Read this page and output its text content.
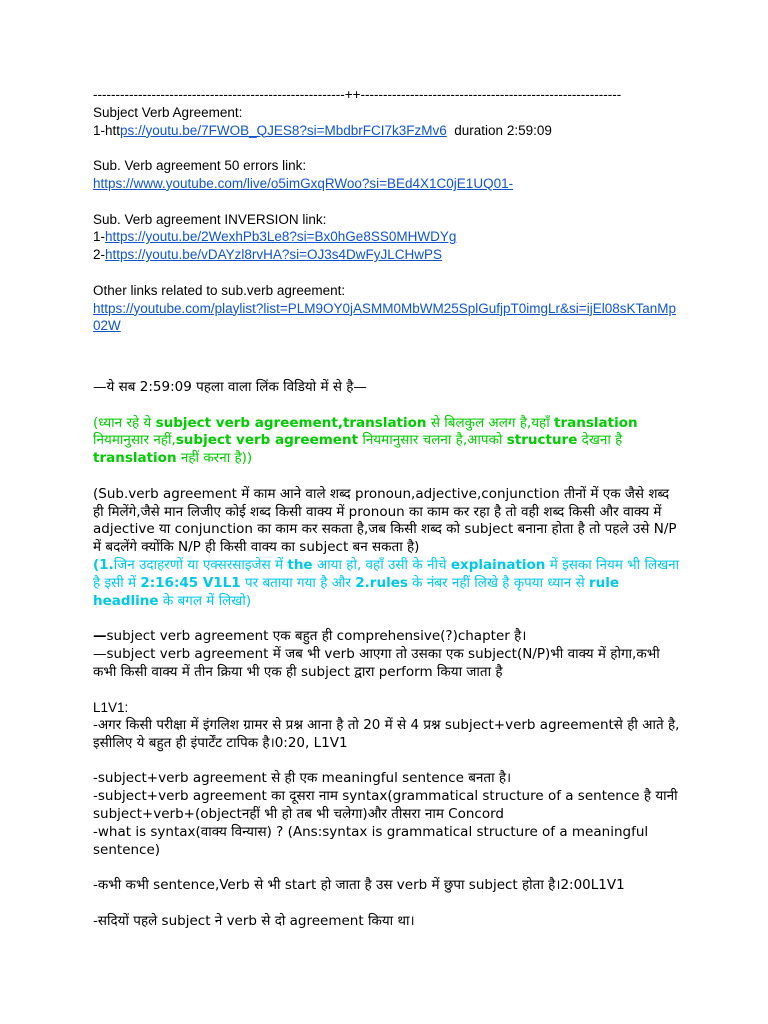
--------------------------------------------------------++----------------------------------------------------------
Subject Verb Agreement:
1-https://youtu.be/7FWOB_QJES8?si=MbdbrFCI7k3FzMv6 duration 2:59:09
Sub. Verb agreement 50 errors link:
https://www.youtube.com/live/o5imGxqRWoo?si=BEd4X1C0jE1UQ01-
Sub. Verb agreement INVERSION link:
1-https://youtu.be/2WexhPb3Le8?si=Bx0hGe8SS0MHWDYg
2-https://youtu.be/vDAYzl8rvHA?si=OJ3s4DwFyJLCHwPS
Other links related to sub.verb agreement:
https://youtube.com/playlist?list=PLM9OY0jASMM0MbWM25SplGufjpT0imgLr&si=ijEl08sKTanMp02W
—ये सब 2:59:09 पहला वाला लिंक विडियो में से है—
(ध्यान रहे ये subject verb agreement,translation से बिलकुल अलग है,यहाँ translation नियमानुसार नहीं,subject verb agreement नियमानुसार चलना है,आपको structure देखना है translation नहीं करना है))
(Sub.verb agreement में काम आने वाले शब्द pronoun,adjective,conjunction तीनों में एक जैसे शब्द ही मिलेंगे,जैसे मान लिजीए कोई शब्द किसी वाक्य में pronoun का काम कर रहा है तो वही शब्द किसी और वाक्य में adjective या conjunction का काम कर सकता है,जब किसी शब्द को subject बनाना होता है तो पहले उसे N/P में बदलेंगे क्योंकि N/P ही किसी वाक्य का subject बन सकता है)
(1.जिन उदाहरणों या एक्सरसाइजेस में the आया हो, वहाँ उसी के नीचे explaination में इसका नियम भी लिखना है इसी में 2:16:45 V1L1 पर बताया गया है और 2.rules के नंबर नहीं लिखे है कृपया ध्यान से rule headline के बगल में लिखो)
—subject verb agreement एक बहुत ही comprehensive(?)chapter है।
—subject verb agreement में जब भी verb आएगा तो उसका एक subject(N/P)भी वाक्य में होगा,कभी कभी किसी वाक्य में तीन क्रिया भी एक ही subject द्वारा perform किया जाता है
L1V1:
-अगर किसी परीक्षा में इंगलिश ग्रामर से प्रश्न आना है तो 20 में से 4 प्रश्न subject+verb agreementसे ही आते है, इसीलिए ये बहुत ही इंपार्टेंट टापिक है।0:20, L1V1
-subject+verb agreement से ही एक meaningful sentence बनता है।
-subject+verb agreement का दूसरा नाम syntax(grammatical structure of a sentence है यानी subject+verb+(objectनहीं भी हो तब भी चलेगा)और तीसरा नाम Concord
-what is syntax(वाक्य विन्यास) ? (Ans:syntax is grammatical structure of a meaningful sentence)
-कभी कभी sentence,Verb से भी start हो जाता है उस verb में छुपा subject होता है।2:00L1V1
-सदियों पहले subject ने verb से दो agreement किया था।
